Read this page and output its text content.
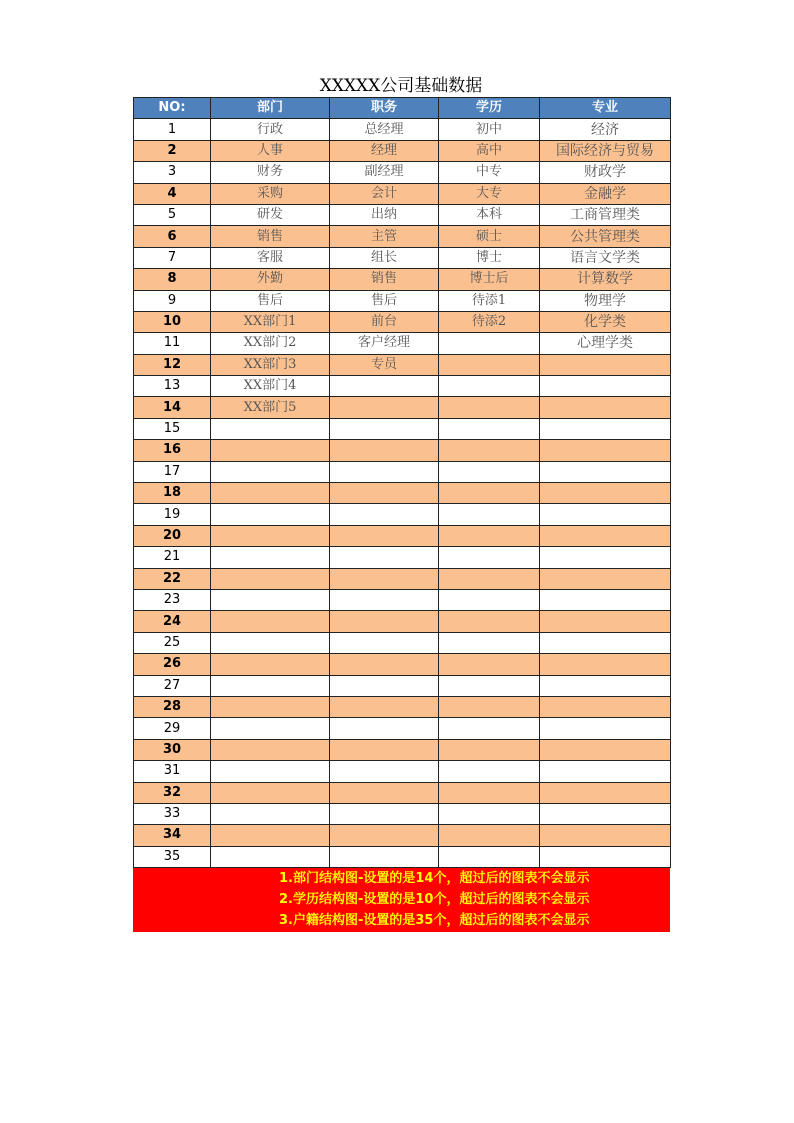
XXXXX公司基础数据
NO:	部门	职务	学历	专业
1	行政	总经理	初中	经济
2	人事	经理	高中	国际经济与贸易
3	财务	副经理	中专	财政学
4	采购	会计	大专	金融学
5	研发	出纳	本科	工商管理类
6	销售	主管	硕士	公共管理类
7	客服	组长	博士	语言文学类
8	外勤	销售	博士后	计算数学
9	售后	售后	待添1	物理学
10	XX部门1	前台	待添2	化学类
11	XX部门2	客户经理		心理学类
12	XX部门3	专员		
13	XX部门4			
14	XX部门5			
15				
16				
17				
18				
19				
20				
21				
22				
23				
24				
25				
26				
27				
28				
29				
30				
31				
32				
33				
34				
35				
1.部门结构图-设置的是14个，超过后的图表不会显示
2.学历结构图-设置的是10个，超过后的图表不会显示
3.户籍结构图-设置的是35个，超过后的图表不会显示
